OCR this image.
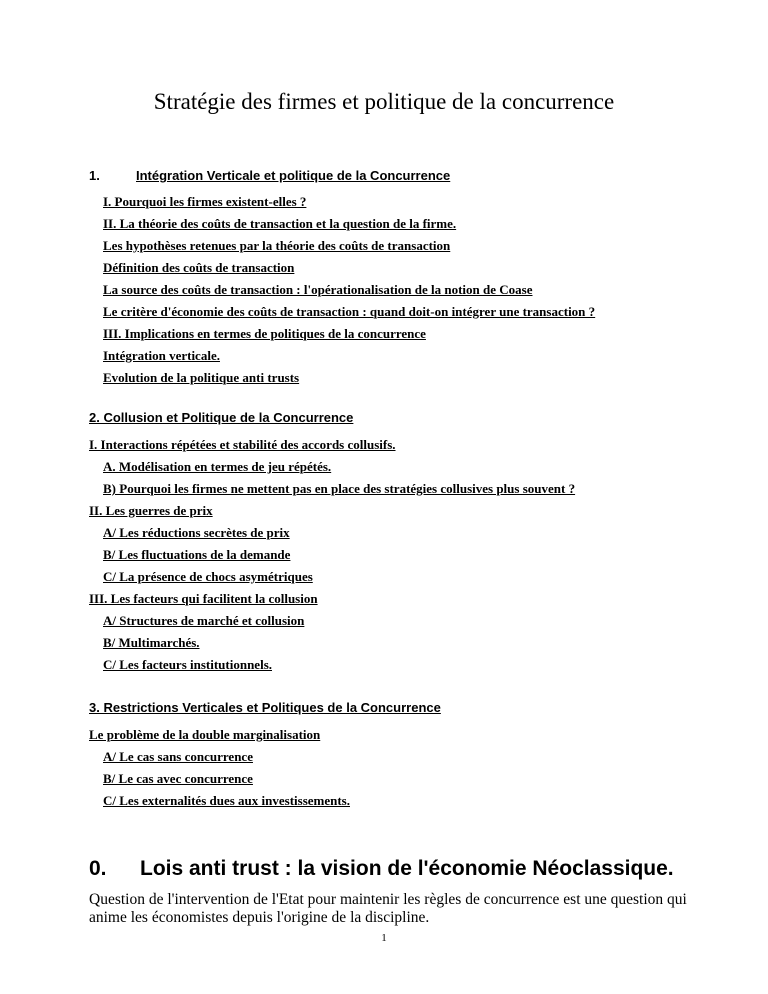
Stratégie des firmes et politique de la concurrence
1.	Intégration Verticale et politique de la Concurrence
I. Pourquoi les firmes existent-elles ?
II. La théorie des coûts de transaction et la question de la firme.
Les hypothèses retenues par la théorie des coûts de transaction
Définition des coûts de transaction
La source des coûts de transaction : l'opérationalisation de la notion de Coase
Le critère d'économie des coûts de transaction : quand doit-on intégrer une transaction ?
III. Implications en termes de politiques de la concurrence
Intégration verticale.
Evolution de la politique anti trusts
2. Collusion et Politique de la Concurrence
I. Interactions répétées et stabilité des accords collusifs.
A. Modélisation en termes de jeu répétés.
B) Pourquoi les firmes ne mettent pas en place des stratégies collusives plus souvent ?
II. Les guerres de prix
A/ Les réductions secrètes de prix
B/ Les fluctuations de la demande
C/ La présence de chocs asymétriques
III. Les facteurs qui facilitent la collusion
A/ Structures de marché et collusion
B/ Multimarchés.
C/ Les facteurs institutionnels.
3. Restrictions Verticales et Politiques de la Concurrence
Le problème de la double marginalisation
A/ Le cas sans concurrence
B/ Le cas avec concurrence
C/ Les externalités dues aux investissements.
0. Lois anti trust : la vision de l'économie Néoclassique.
Question de l'intervention de l'Etat pour maintenir les règles de concurrence est une question qui anime les économistes depuis l'origine de la discipline.
1
